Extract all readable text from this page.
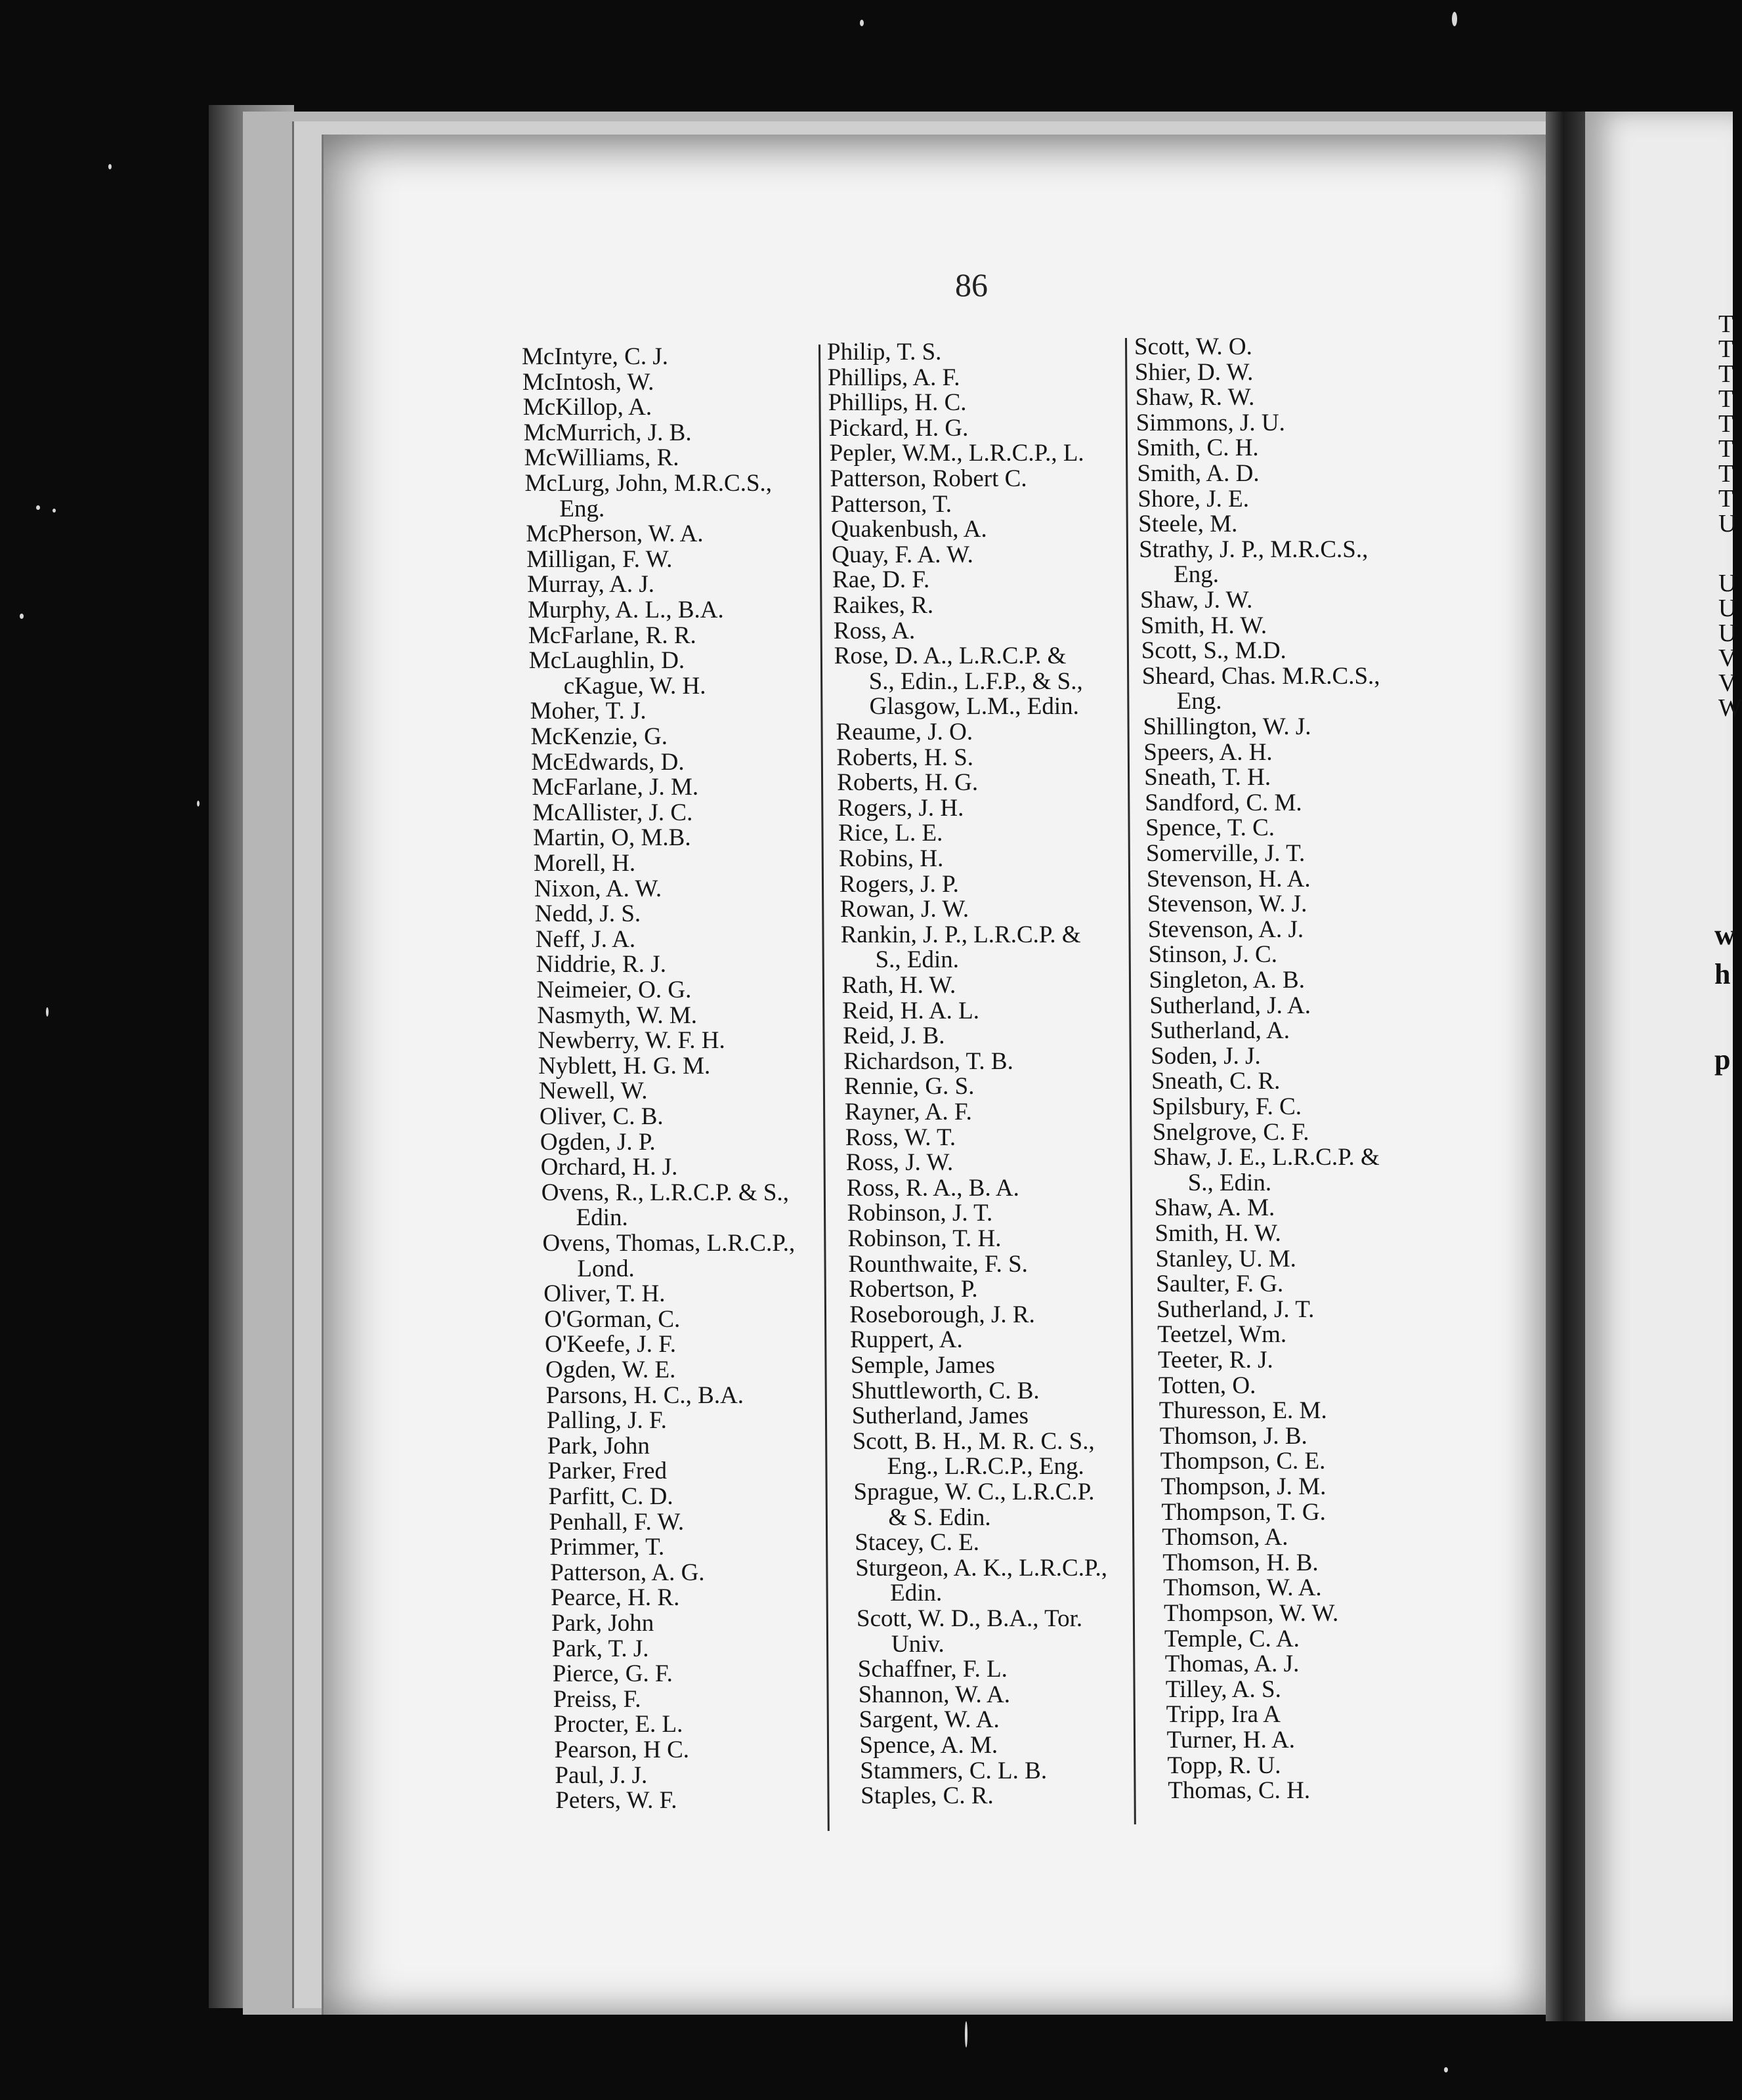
86
McIntyre, C. J.
McIntosh, W.
McKillop, A.
McMurrich, J. B.
McWilliams, R.
McLurg, John, M.R.C.S.,
Eng.
McPherson, W. A.
Milligan, F. W.
Murray, A. J.
Murphy, A. L., B.A.
McFarlane, R. R.
McLaughlin, D.
cKague, W. H.
Moher, T. J.
McKenzie, G.
McEdwards, D.
McFarlane, J. M.
McAllister, J. C.
Martin, O, M.B.
Morell, H.
Nixon, A. W.
Nedd, J. S.
Neff, J. A.
Niddrie, R. J.
Neimeier, O. G.
Nasmyth, W. M.
Newberry, W. F. H.
Nyblett, H. G. M.
Newell, W.
Oliver, C. B.
Ogden, J. P.
Orchard, H. J.
Ovens, R., L.R.C.P. & S.,
Edin.
Ovens, Thomas, L.R.C.P.,
Lond.
Oliver, T. H.
O'Gorman, C.
O'Keefe, J. F.
Ogden, W. E.
Parsons, H. C., B.A.
Palling, J. F.
Park, John
Parker, Fred
Parfitt, C. D.
Penhall, F. W.
Primmer, T.
Patterson, A. G.
Pearce, H. R.
Park, John
Park, T. J.
Pierce, G. F.
Preiss, F.
Procter, E. L.
Pearson, H C.
Paul, J. J.
Peters, W. F.
Philip, T. S.
Phillips, A. F.
Phillips, H. C.
Pickard, H. G.
Pepler, W.M., L.R.C.P., L.
Patterson, Robert C.
Patterson, T.
Quakenbush, A.
Quay, F. A. W.
Rae, D. F.
Raikes, R.
Ross, A.
Rose, D. A., L.R.C.P. &
S., Edin., L.F.P., & S.,
Glasgow, L.M., Edin.
Reaume, J. O.
Roberts, H. S.
Roberts, H. G.
Rogers, J. H.
Rice, L. E.
Robins, H.
Rogers, J. P.
Rowan, J. W.
Rankin, J. P., L.R.C.P. &
S., Edin.
Rath, H. W.
Reid, H. A. L.
Reid, J. B.
Richardson, T. B.
Rennie, G. S.
Rayner, A. F.
Ross, W. T.
Ross, J. W.
Ross, R. A., B. A.
Robinson, J. T.
Robinson, T. H.
Rounthwaite, F. S.
Robertson, P.
Roseborough, J. R.
Ruppert, A.
Semple, James
Shuttleworth, C. B.
Sutherland, James
Scott, B. H., M. R. C. S.,
Eng., L.R.C.P., Eng.
Sprague, W. C., L.R.C.P.
& S. Edin.
Stacey, C. E.
Sturgeon, A. K., L.R.C.P.,
Edin.
Scott, W. D., B.A., Tor.
Univ.
Schaffner, F. L.
Shannon, W. A.
Sargent, W. A.
Spence, A. M.
Stammers, C. L. B.
Staples, C. R.
Scott, W. O.
Shier, D. W.
Shaw, R. W.
Simmons, J. U.
Smith, C. H.
Smith, A. D.
Shore, J. E.
Steele, M.
Strathy, J. P., M.R.C.S.,
Eng.
Shaw, J. W.
Smith, H. W.
Scott, S., M.D.
Sheard, Chas. M.R.C.S.,
Eng.
Shillington, W. J.
Speers, A. H.
Sneath, T. H.
Sandford, C. M.
Spence, T. C.
Somerville, J. T.
Stevenson, H. A.
Stevenson, W. J.
Stevenson, A. J.
Stinson, J. C.
Singleton, A. B.
Sutherland, J. A.
Sutherland, A.
Soden, J. J.
Sneath, C. R.
Spilsbury, F. C.
Snelgrove, C. F.
Shaw, J. E., L.R.C.P. &
S., Edin.
Shaw, A. M.
Smith, H. W.
Stanley, U. M.
Saulter, F. G.
Sutherland, J. T.
Teetzel, Wm.
Teeter, R. J.
Totten, O.
Thuresson, E. M.
Thomson, J. B.
Thompson, C. E.
Thompson, J. M.
Thompson, T. G.
Thomson, A.
Thomson, H. B.
Thomson, W. A.
Thompson, W. W.
Temple, C. A.
Thomas, A. J.
Tilley, A. S.
Tripp, Ira A
Turner, H. A.
Topp, R. U.
Thomas, C. H.
T
T
T
T
T
T
T
T
U
U
U
U
V
V
W
w
h
p
